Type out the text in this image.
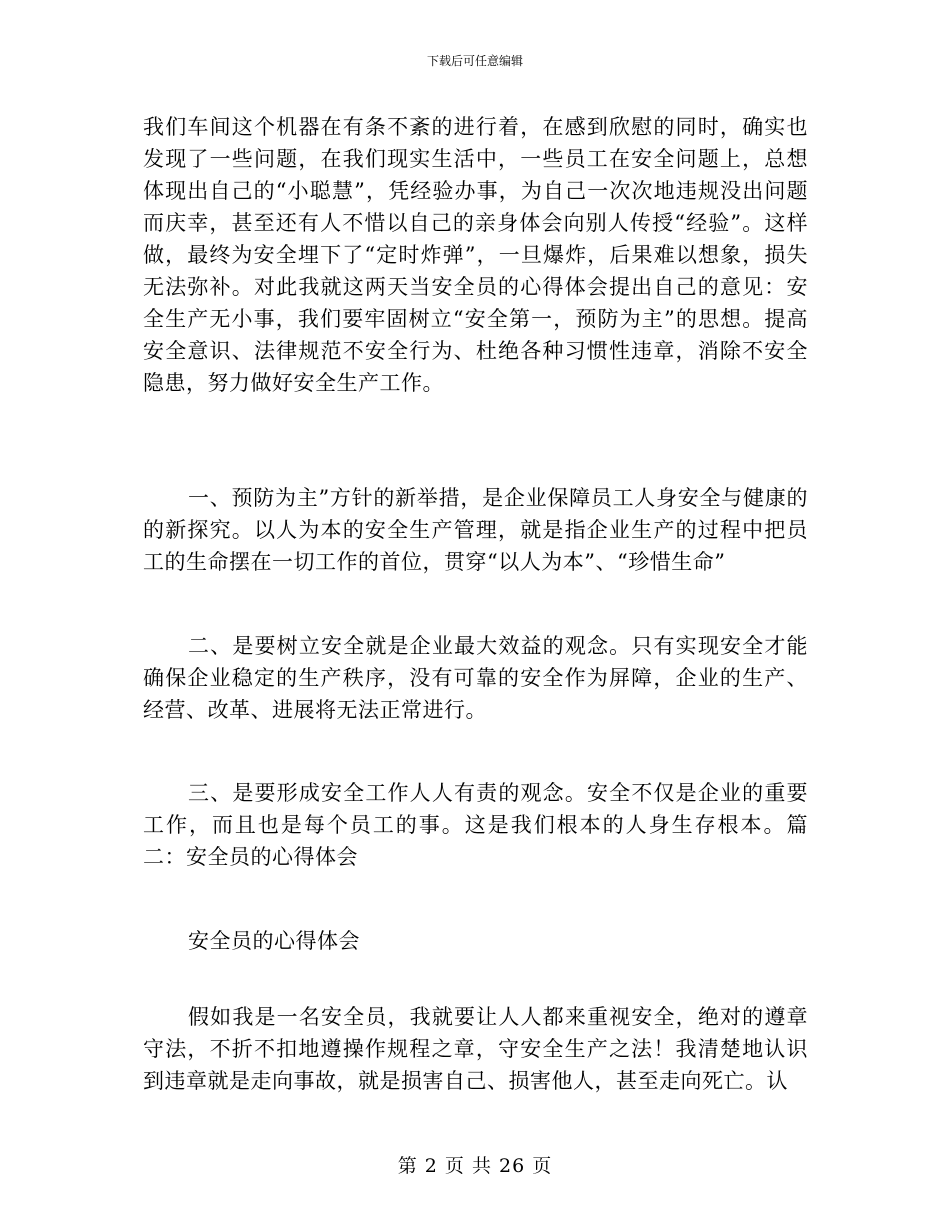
下载后可任意编辑

我们车间这个机器在有条不紊的进行着，在感到欣慰的同时，确实也发现了一些问题，在我们现实生活中，一些员工在安全问题上，总想体现出自己的“小聪慧”，凭经验办事，为自己一次次地违规没出问题而庆幸，甚至还有人不惜以自己的亲身体会向别人传授“经验”。这样做，最终为安全埋下了“定时炸弹”，一旦爆炸，后果难以想象，损失无法弥补。对此我就这两天当安全员的心得体会提出自己的意见：安全生产无小事，我们要牢固树立“安全第一，预防为主”的思想。提高安全意识、法律规范不安全行为、杜绝各种习惯性违章，消除不安全隐患，努力做好安全生产工作。

一、预防为主”方针的新举措，是企业保障员工人身安全与健康的的新探究。以人为本的安全生产管理，就是指企业生产的过程中把员工的生命摆在一切工作的首位，贯穿“以人为本”、“珍惜生命”

二、是要树立安全就是企业最大效益的观念。只有实现安全才能确保企业稳定的生产秩序，没有可靠的安全作为屏障，企业的生产、经营、改革、进展将无法正常进行。

三、是要形成安全工作人人有责的观念。安全不仅是企业的重要工作，而且也是每个员工的事。这是我们根本的人身生存根本。篇二：安全员的心得体会

安全员的心得体会

假如我是一名安全员，我就要让人人都来重视安全，绝对的遵章守法，不折不扣地遵操作规程之章，守安全生产之法！我清楚地认识到违章就是走向事故，就是损害自己、损害他人，甚至走向死亡。认

第 2 页 共 26 页
